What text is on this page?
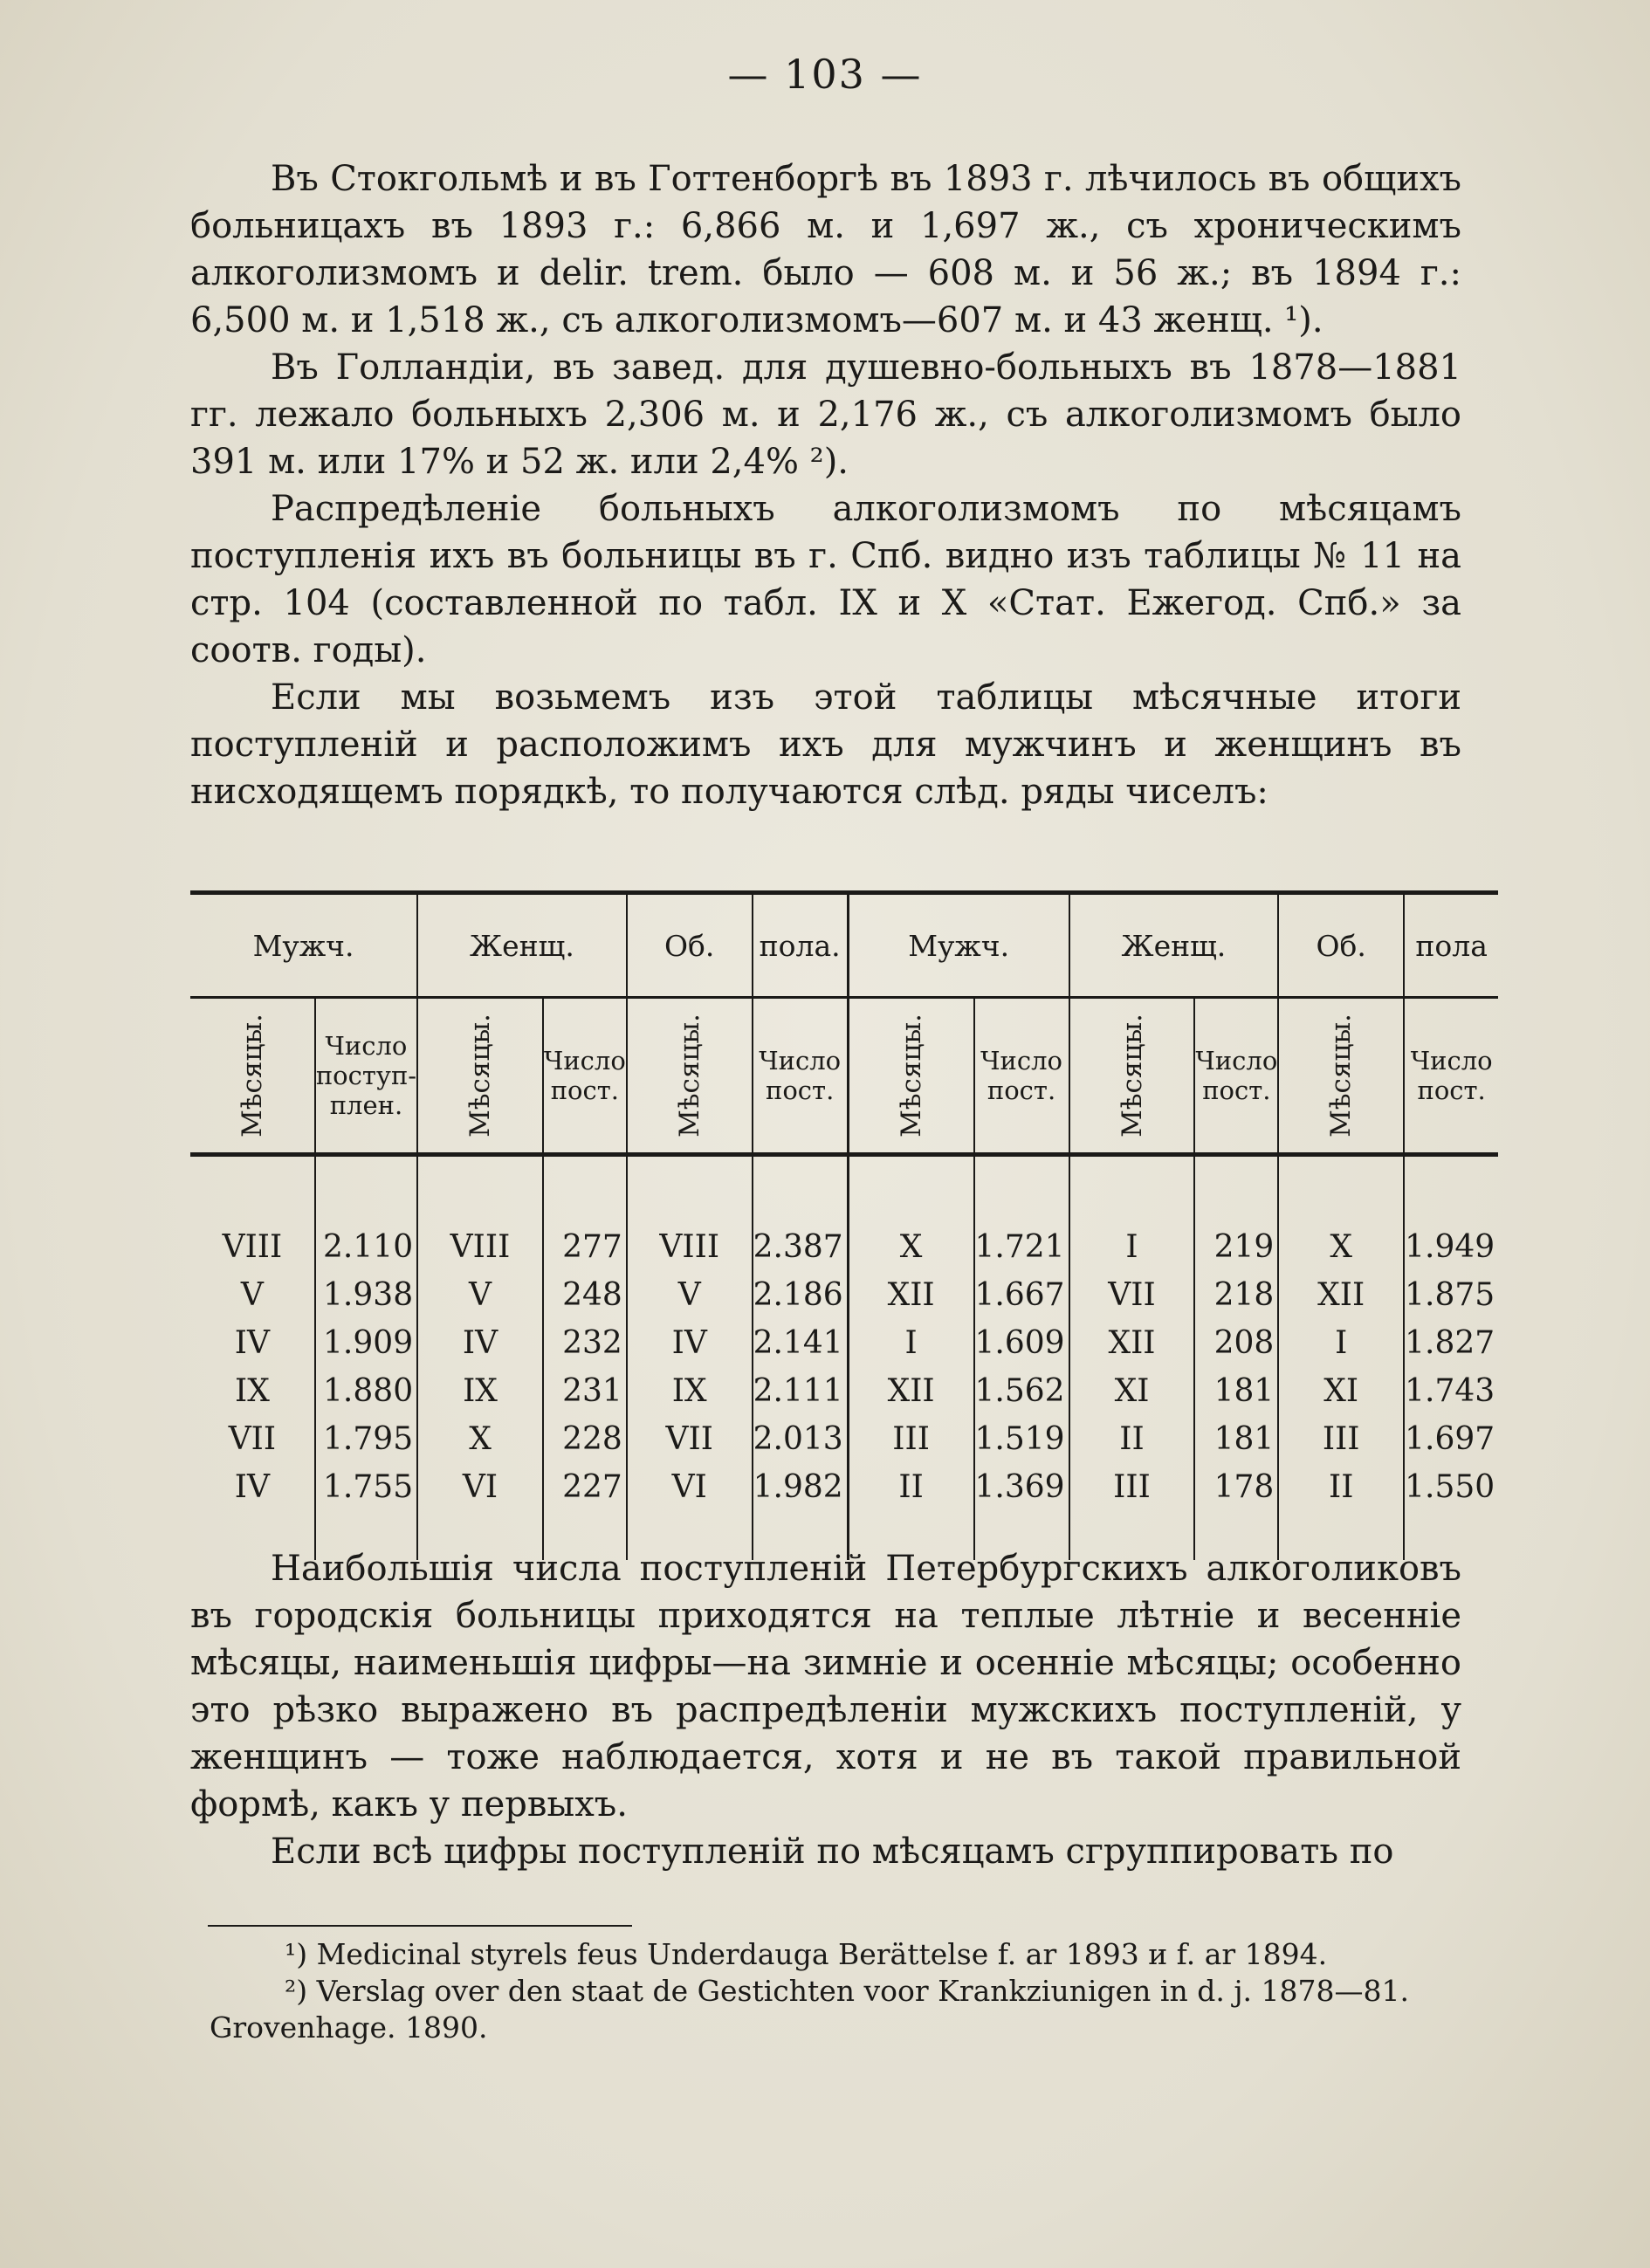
— 103 —

Въ Стокгольмѣ и въ Готтенборгѣ въ 1893 г. лѣчилось въ общихъ больницахъ въ 1893 г.: 6,866 м. и 1,697 ж., съ хроническимъ алкоголизмомъ и delir. trem. было — 608 м. и 56 ж.; въ 1894 г.: 6,500 м. и 1,518 ж., съ алкоголизмомъ—607 м. и 43 женщ. ¹).

Въ Голландіи, въ завед. для душевно-больныхъ въ 1878—1881 гг. лежало больныхъ 2,306 м. и 2,176 ж., съ алкоголизмомъ было 391 м. или 17% и 52 ж. или 2,4% ²).

Распредѣленіе больныхъ алкоголизмомъ по мѣсяцамъ поступленія ихъ въ больницы въ г. Спб. видно изъ таблицы № 11 на стр. 104 (составленной по табл. IX и X «Стат. Ежегод. Спб.» за соотв. годы).

Если мы возьмемъ изъ этой таблицы мѣсячные итоги поступленій и расположимъ ихъ для мужчинъ и женщинъ въ нисходящемъ порядкѣ, то получаются слѣд. ряды чиселъ:

Мужч.		Женщ.		Об.	пола.	Мужч.		Женщ.		Об.	пола
Мѣсяцы.	Число поступ- плен.	Мѣсяцы.	Число пост.	Мѣсяцы.	Число пост.	Мѣсяцы.	Число пост.	Мѣсяцы.	Число пост.	Мѣсяцы.	Число пост.

VIII	2.110	VIII	277	VIII	2.387	X	1.721	I	219	X	1.949
V	1.938	V	248	V	2.186	XII	1.667	VII	218	XII	1.875
IV	1.909	IV	232	IV	2.141	I	1.609	XII	208	I	1.827
IX	1.880	IX	231	IX	2.111	XII	1.562	XI	181	XI	1.743
VII	1.795	X	228	VII	2.013	III	1.519	II	181	III	1.697
IV	1.755	VI	227	VI	1.982	II	1.369	III	178	II	1.550

Наибольшія числа поступленій Петербургскихъ алкоголиковъ въ городскія больницы приходятся на теплые лѣтніе и весенніе мѣсяцы, наименьшія цифры—на зимніе и осенніе мѣсяцы; особенно это рѣзко выражено въ распредѣленіи мужскихъ поступленій, у женщинъ — тоже наблюдается, хотя и не въ такой правильной формѣ, какъ у первыхъ.

Если всѣ цифры поступленій по мѣсяцамъ сгруппировать по

¹) Medicinal styrels feus Underdauga Berättelse f. ar 1893 и f. ar 1894.

²) Verslag over den staat de Gestichten voor Krankziunigen in d. j. 1878—81. Grovenhage. 1890.
